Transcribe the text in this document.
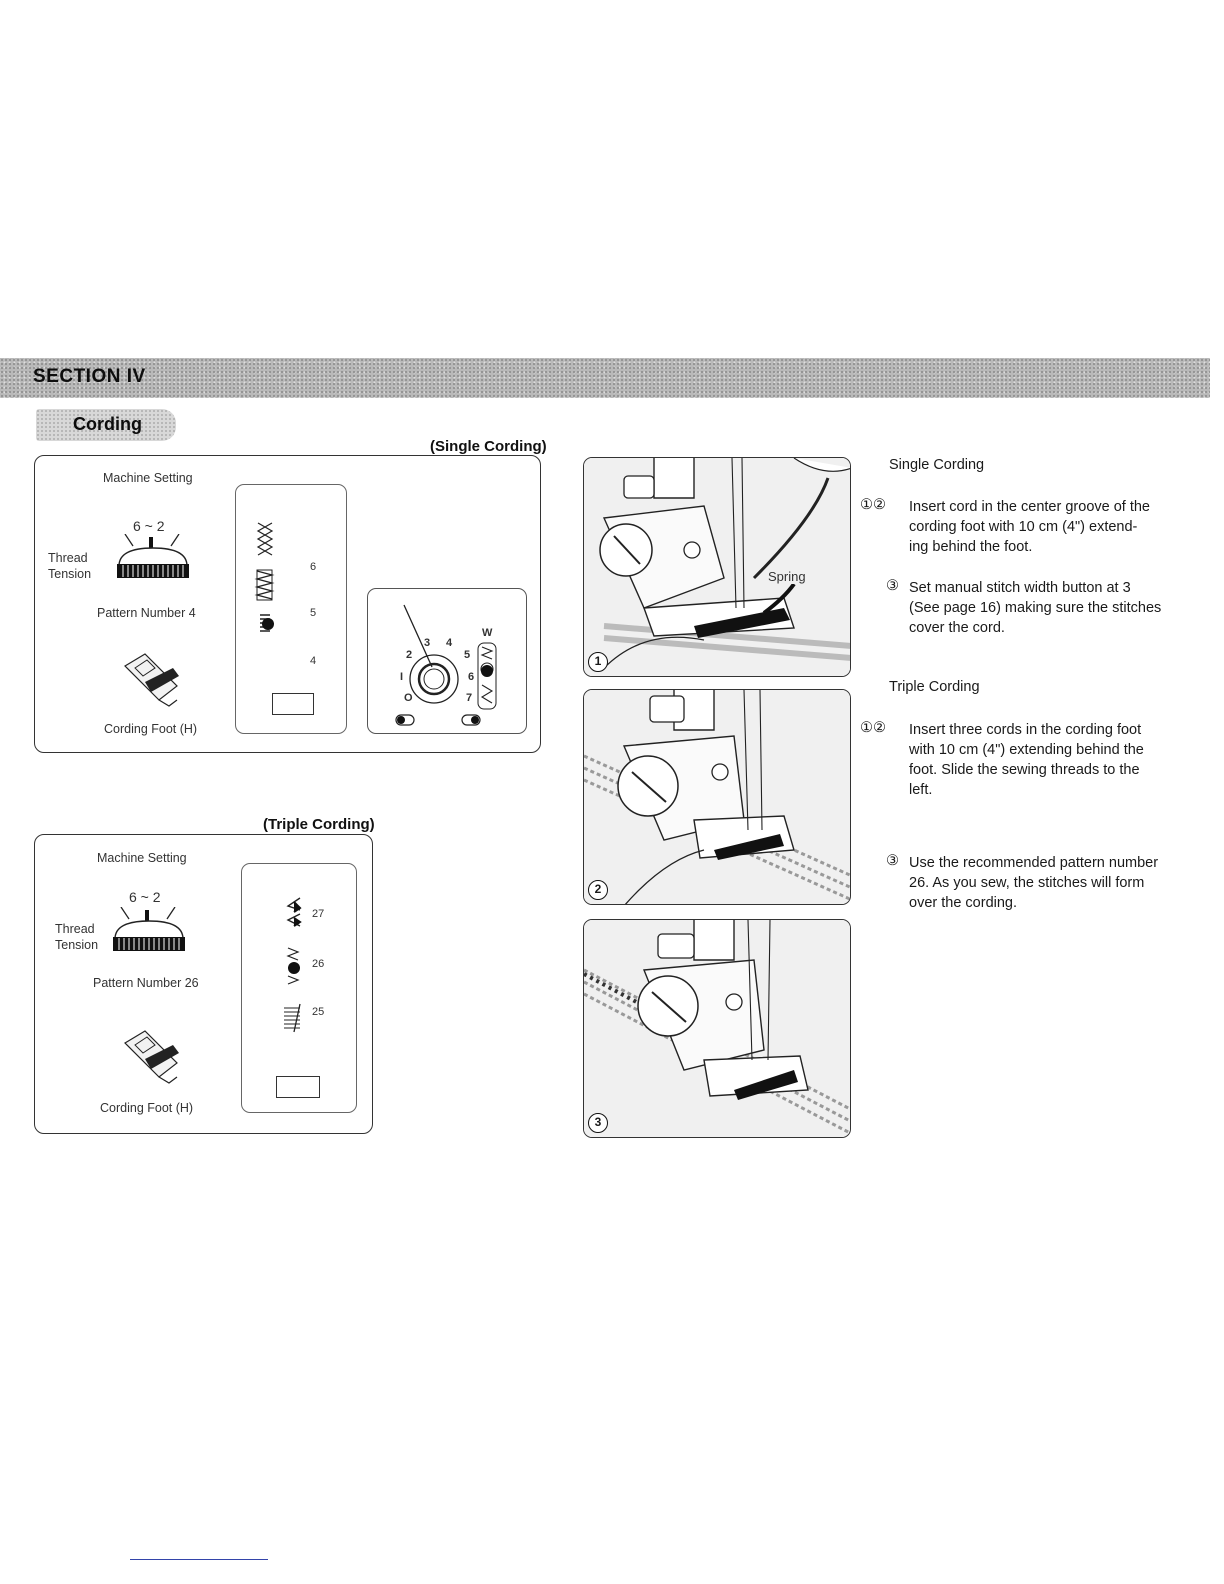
SECTION IV
Cording
(Single Cording)
Machine Setting
6 ~ 2
Thread
Tension
Pattern Number 4
Cording Foot (H)
6
5
4	2
3 4
5
I	6
O	7
W
(Triple Cording)
Machine Setting
6 ~ 2
Thread
Tension
Pattern Number 26
Cording Foot (H)
27
26
25
Spring
1
2
3
Single Cording
①② Insert cord in the center groove of the
cording foot with 10 cm (4") extend-
ing behind the foot.
③ Set manual stitch width button at 3
(See page 16) making sure the stitches
cover the cord.
Triple Cording
①② Insert three cords in the cording foot
with 10 cm (4") extending behind the
foot. Slide the sewing threads to the
left.
③ Use the recommended pattern number
26. As you sew, the stitches will form
over the cording.
